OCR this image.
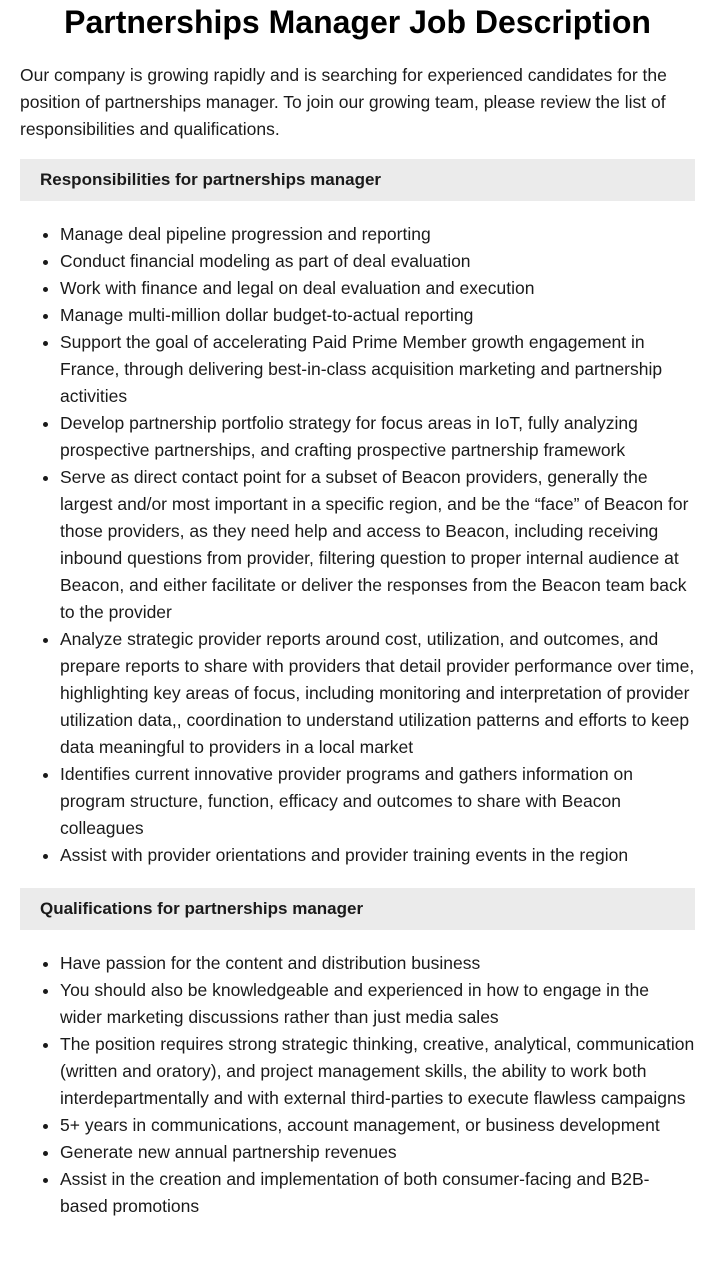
Partnerships Manager Job Description

Our company is growing rapidly and is searching for experienced candidates for the position of partnerships manager. To join our growing team, please review the list of responsibilities and qualifications.

Responsibilities for partnerships manager
• Manage deal pipeline progression and reporting
• Conduct financial modeling as part of deal evaluation
• Work with finance and legal on deal evaluation and execution
• Manage multi-million dollar budget-to-actual reporting
• Support the goal of accelerating Paid Prime Member growth engagement in France, through delivering best-in-class acquisition marketing and partnership activities
• Develop partnership portfolio strategy for focus areas in IoT, fully analyzing prospective partnerships, and crafting prospective partnership framework
• Serve as direct contact point for a subset of Beacon providers, generally the largest and/or most important in a specific region, and be the “face” of Beacon for those providers, as they need help and access to Beacon, including receiving inbound questions from provider, filtering question to proper internal audience at Beacon, and either facilitate or deliver the responses from the Beacon team back to the provider
• Analyze strategic provider reports around cost, utilization, and outcomes, and prepare reports to share with providers that detail provider performance over time, highlighting key areas of focus, including monitoring and interpretation of provider utilization data,, coordination to understand utilization patterns and efforts to keep data meaningful to providers in a local market
• Identifies current innovative provider programs and gathers information on program structure, function, efficacy and outcomes to share with Beacon colleagues
• Assist with provider orientations and provider training events in the region
Qualifications for partnerships manager
• Have passion for the content and distribution business
• You should also be knowledgeable and experienced in how to engage in the wider marketing discussions rather than just media sales
• The position requires strong strategic thinking, creative, analytical, communication (written and oratory), and project management skills, the ability to work both interdepartmentally and with external third-parties to execute flawless campaigns
• 5+ years in communications, account management, or business development
• Generate new annual partnership revenues
• Assist in the creation and implementation of both consumer-facing and B2B-based promotions
